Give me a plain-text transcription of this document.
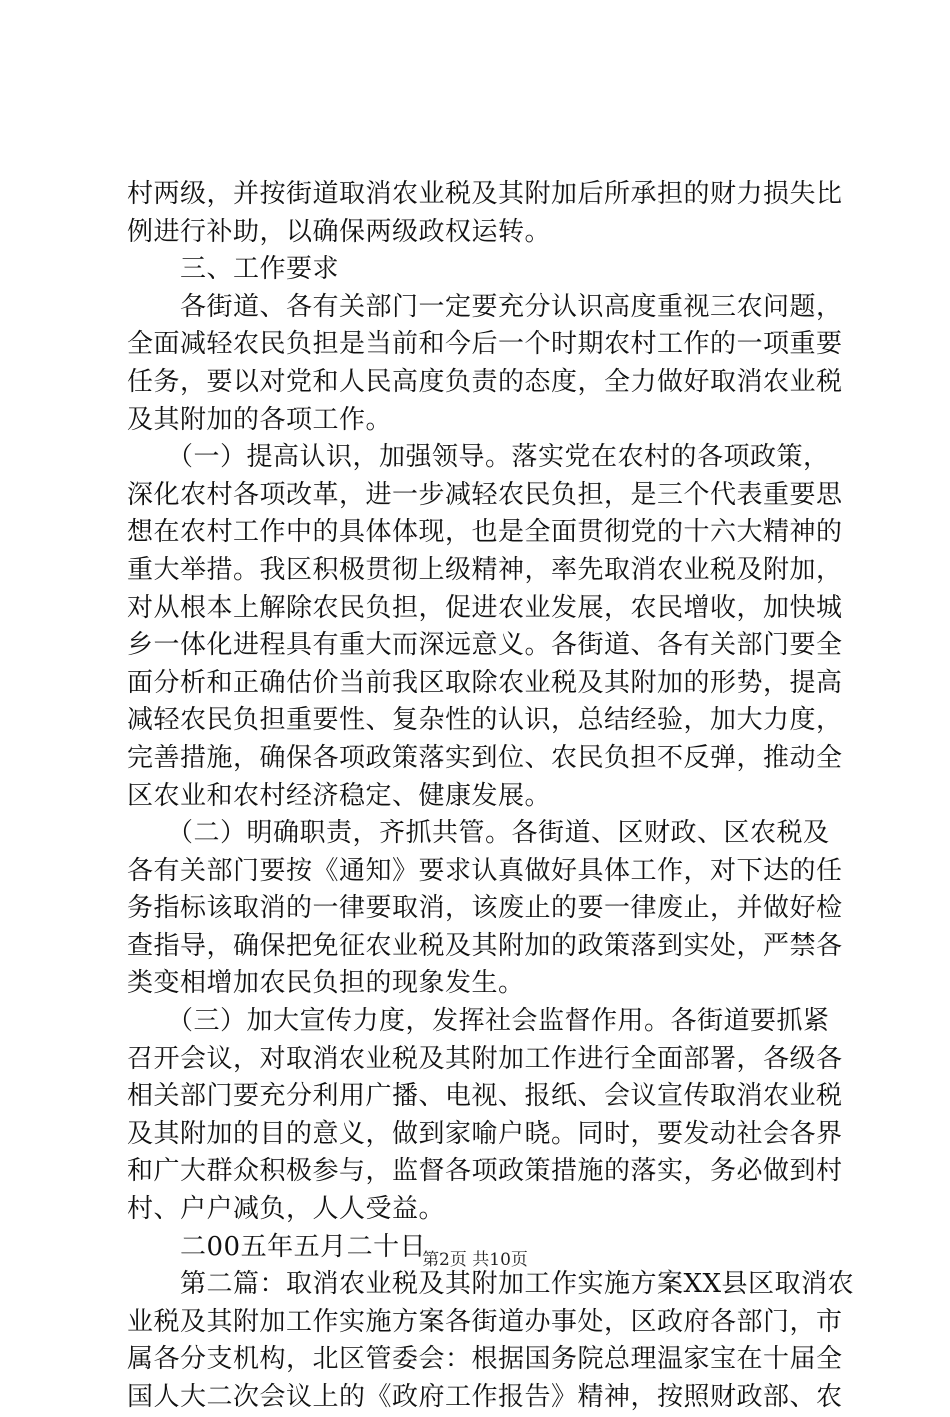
村两级，并按街道取消农业税及其附加后所承担的财力损失比
例进行补助，以确保两级政权运转。
　　三、工作要求
　　各街道、各有关部门一定要充分认识高度重视三农问题，
全面减轻农民负担是当前和今后一个时期农村工作的一项重要
任务，要以对党和人民高度负责的态度，全力做好取消农业税
及其附加的各项工作。
　　（一）提高认识，加强领导。落实党在农村的各项政策，
深化农村各项改革，进一步减轻农民负担，是三个代表重要思
想在农村工作中的具体体现，也是全面贯彻党的十六大精神的
重大举措。我区积极贯彻上级精神，率先取消农业税及附加，
对从根本上解除农民负担，促进农业发展，农民增收，加快城
乡一体化进程具有重大而深远意义。各街道、各有关部门要全
面分析和正确估价当前我区取除农业税及其附加的形势，提高
减轻农民负担重要性、复杂性的认识，总结经验，加大力度，
完善措施，确保各项政策落实到位、农民负担不反弹，推动全
区农业和农村经济稳定、健康发展。
　　（二）明确职责，齐抓共管。各街道、区财政、区农税及
各有关部门要按《通知》要求认真做好具体工作，对下达的任
务指标该取消的一律要取消，该废止的要一律废止，并做好检
查指导，确保把免征农业税及其附加的政策落到实处，严禁各
类变相增加农民负担的现象发生。
　　（三）加大宣传力度，发挥社会监督作用。各街道要抓紧
召开会议，对取消农业税及其附加工作进行全面部署，各级各
相关部门要充分利用广播、电视、报纸、会议宣传取消农业税
及其附加的目的意义，做到家喻户晓。同时，要发动社会各界
和广大群众积极参与，监督各项政策措施的落实，务必做到村
村、户户减负，人人受益。
　　二00五年五月二十日
　　第二篇：取消农业税及其附加工作实施方案XX县区取消农
业税及其附加工作实施方案各街道办事处，区政府各部门，市
属各分支机构，北区管委会：根据国务院总理温家宝在十届全
国人大二次会议上的《政府工作报告》精神，按照财政部、农
第2页 共10页
